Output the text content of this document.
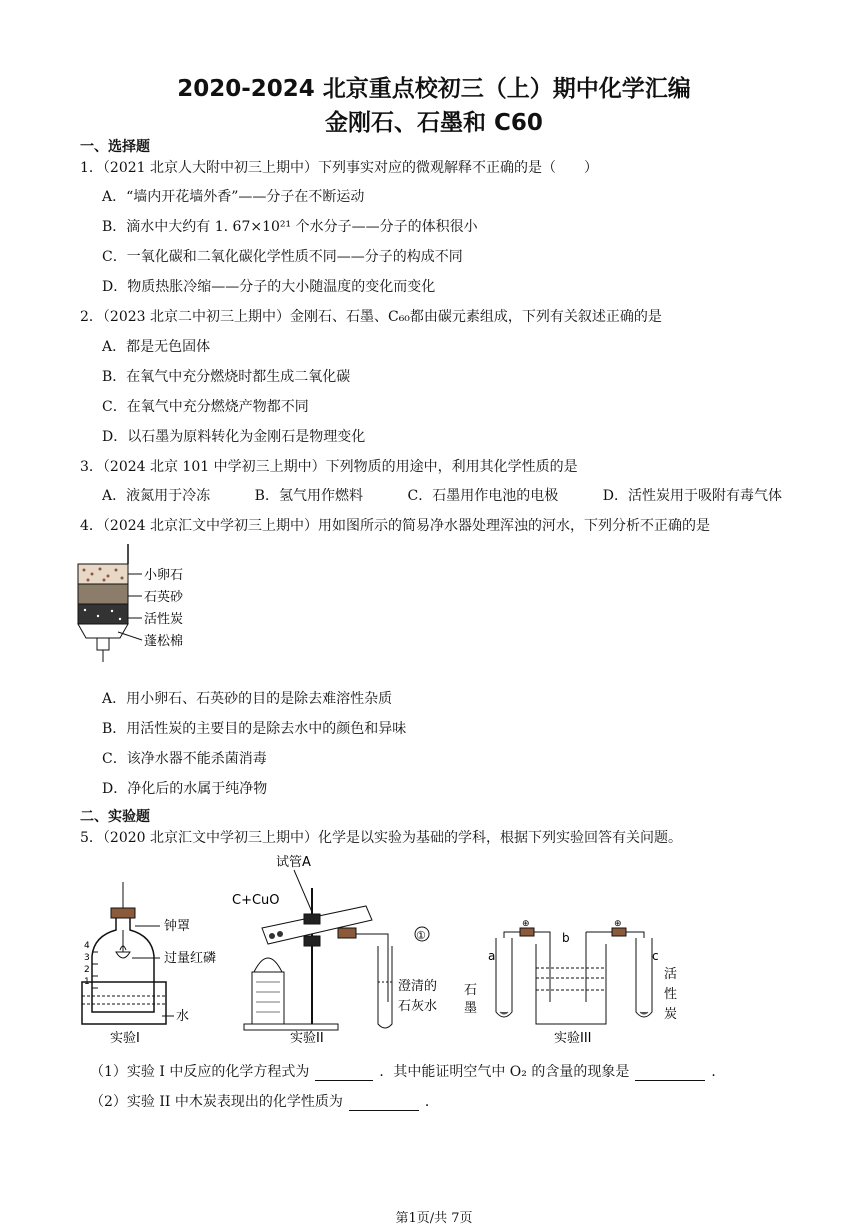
2020-2024 北京重点校初三（上）期中化学汇编
金刚石、石墨和 C60
一、选择题
1．（2021 北京人大附中初三上期中）下列事实对应的微观解释不正确的是（　　）
A．“墙内开花墙外香”——分子在不断运动
B．滴水中大约有 1. 67×10²¹ 个水分子——分子的体积很小
C．一氧化碳和二氧化碳化学性质不同——分子的构成不同
D．物质热胀冷缩——分子的大小随温度的变化而变化
2．（2023 北京二中初三上期中）金刚石、石墨、C₆₀都由碳元素组成，下列有关叙述正确的是
A．都是无色固体
B．在氧气中充分燃烧时都生成二氧化碳
C．在氧气中充分燃烧产物都不同
D．以石墨为原料转化为金刚石是物理变化
3．（2024 北京 101 中学初三上期中）下列物质的用途中，利用其化学性质的是
A．液氮用于冷冻	B．氢气用作燃料	C．石墨用作电池的电极	D．活性炭用于吸附有毒气体
4．（2024 北京汇文中学初三上期中）用如图所示的简易净水器处理浑浊的河水，下列分析不正确的是
小卵石
石英砂
活性炭
蓬松棉
A．用小卵石、石英砂的目的是除去难溶性杂质
B．用活性炭的主要目的是除去水中的颜色和异味
C．该净水器不能杀菌消毒
D．净化后的水属于纯净物
二、实验题
5．（2020 北京汇文中学初三上期中）化学是以实验为基础的学科，根据下列实验回答有关问题。
4
3
2
1
钟罩
过量红磷
水
实验I
试管A
C+CuO
①
澄清的
石灰水
实验II
a
b
c
⊕	⊕
石
墨
活
性
炭
实验III
（1）实验 I 中反应的化学方程式为	．其中能证明空气中 O₂ 的含量的现象是	．
（2）实验 II 中木炭表现出的化学性质为	．
第1页/共 7页
